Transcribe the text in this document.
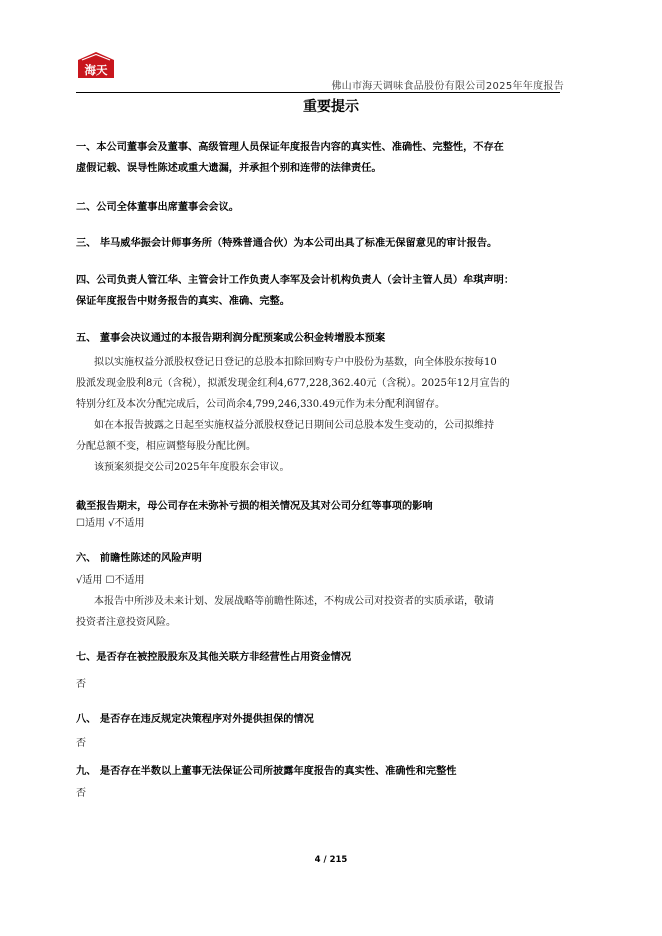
海天
佛山市海天调味食品股份有限公司2025年年度报告
重要提示
一、本公司董事会及董事、高级管理人员保证年度报告内容的真实性、准确性、完整性，不存在
虚假记载、误导性陈述或重大遗漏，并承担个别和连带的法律责任。
二、公司全体董事出席董事会会议。
三、 毕马威华振会计师事务所（特殊普通合伙）为本公司出具了标准无保留意见的审计报告。
四、公司负责人管江华、主管会计工作负责人李军及会计机构负责人（会计主管人员）牟琪声明：
保证年度报告中财务报告的真实、准确、完整。
五、 董事会决议通过的本报告期利润分配预案或公积金转增股本预案
拟以实施权益分派股权登记日登记的总股本扣除回购专户中股份为基数，向全体股东按每10
股派发现金股利8元（含税），拟派发现金红利4,677,228,362.40元（含税）。2025年12月宣告的
特别分红及本次分配完成后，公司尚余4,799,246,330.49元作为未分配利润留存。
如在本报告披露之日起至实施权益分派股权登记日期间公司总股本发生变动的，公司拟维持
分配总额不变，相应调整每股分配比例。
该预案须提交公司2025年年度股东会审议。
截至报告期末，母公司存在未弥补亏损的相关情况及其对公司分红等事项的影响
☐适用 √不适用
六、 前瞻性陈述的风险声明
√适用 ☐不适用
本报告中所涉及未来计划、发展战略等前瞻性陈述，不构成公司对投资者的实质承诺，敬请
投资者注意投资风险。
七、是否存在被控股股东及其他关联方非经营性占用资金情况
否
八、 是否存在违反规定决策程序对外提供担保的情况
否
九、 是否存在半数以上董事无法保证公司所披露年度报告的真实性、准确性和完整性
否
4 / 215
